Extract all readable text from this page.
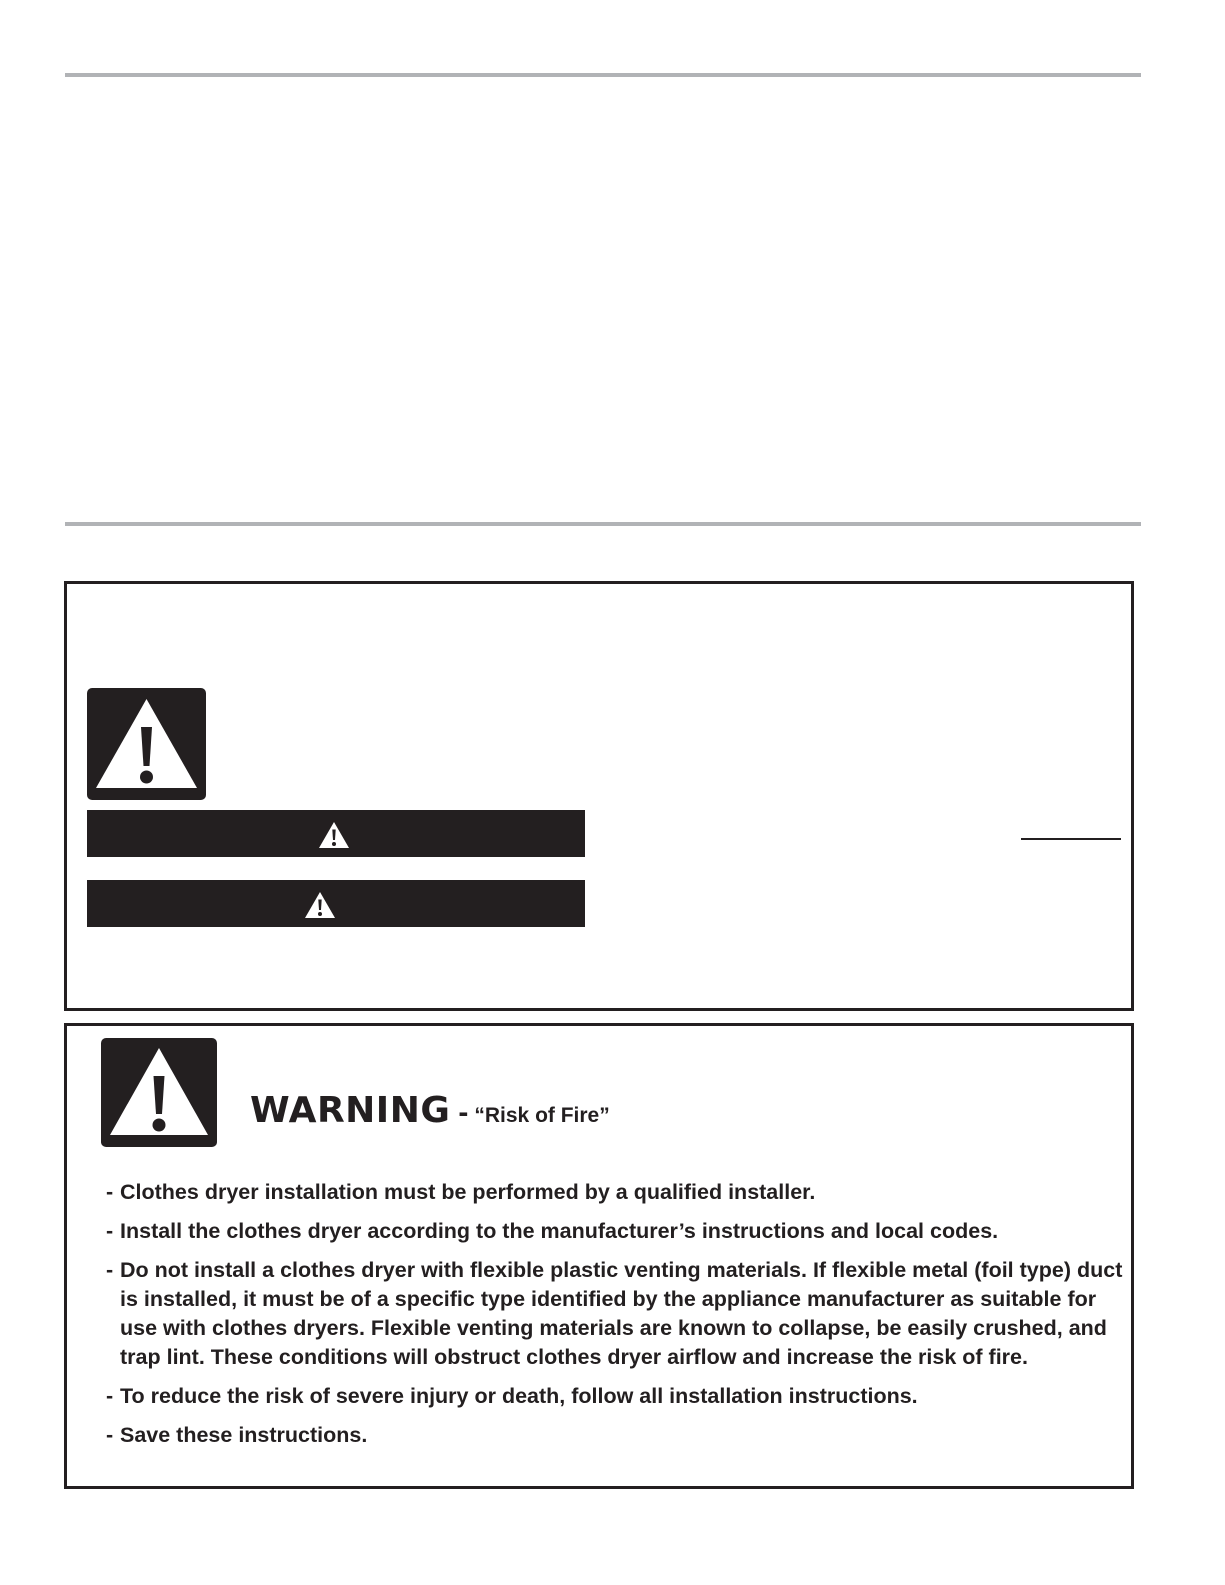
WARNING - “Risk of Fire”
- Clothes dryer installation must be performed by a qualified installer.
- Install the clothes dryer according to the manufacturer’s instructions and local codes.
- Do not install a clothes dryer with flexible plastic venting materials. If flexible metal (foil type) duct is installed, it must be of a specific type identified by the appliance manufacturer as suitable for use with clothes dryers. Flexible venting materials are known to collapse, be easily crushed, and trap lint. These conditions will obstruct clothes dryer airflow and increase the risk of fire.
- To reduce the risk of severe injury or death, follow all installation instructions.
- Save these instructions.
